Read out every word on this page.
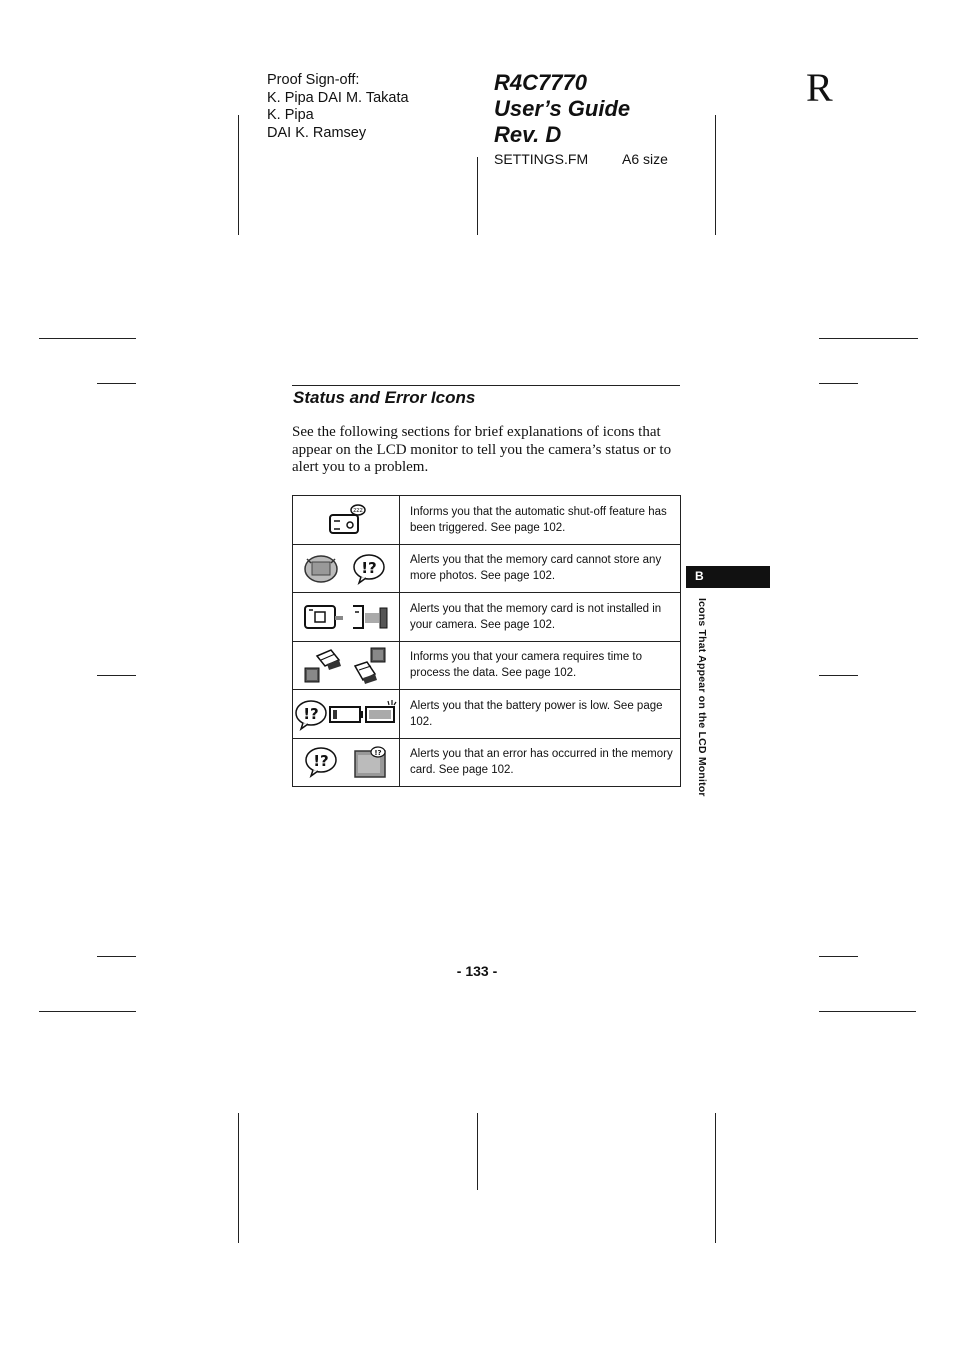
Proof Sign-off:
K. Pipa DAI M. Takata
K. Pipa
DAI K. Ramsey
R4C7770
User’s Guide
Rev. D
SETTINGS.FM A6 size
R
Status and Error Icons
See the following sections for brief explanations of icons that appear on the LCD monitor to tell you the camera’s status or to alert you to a problem.
zzz	Informs you that the automatic shut-off feature has been triggered. See page 102.

!?	Alerts you that the memory card cannot store any more photos. See page 102.

	Alerts you that the memory card is not installed in your camera. See page 102.

	Informs you that your camera requires time to process the data. See page 102.

!?	Alerts you that the battery power is low. See page 102.

!? !?	Alerts you that an error has occurred in the memory card. See page 102.
B
Icons That Appear on the LCD Monitor
- 133 -
